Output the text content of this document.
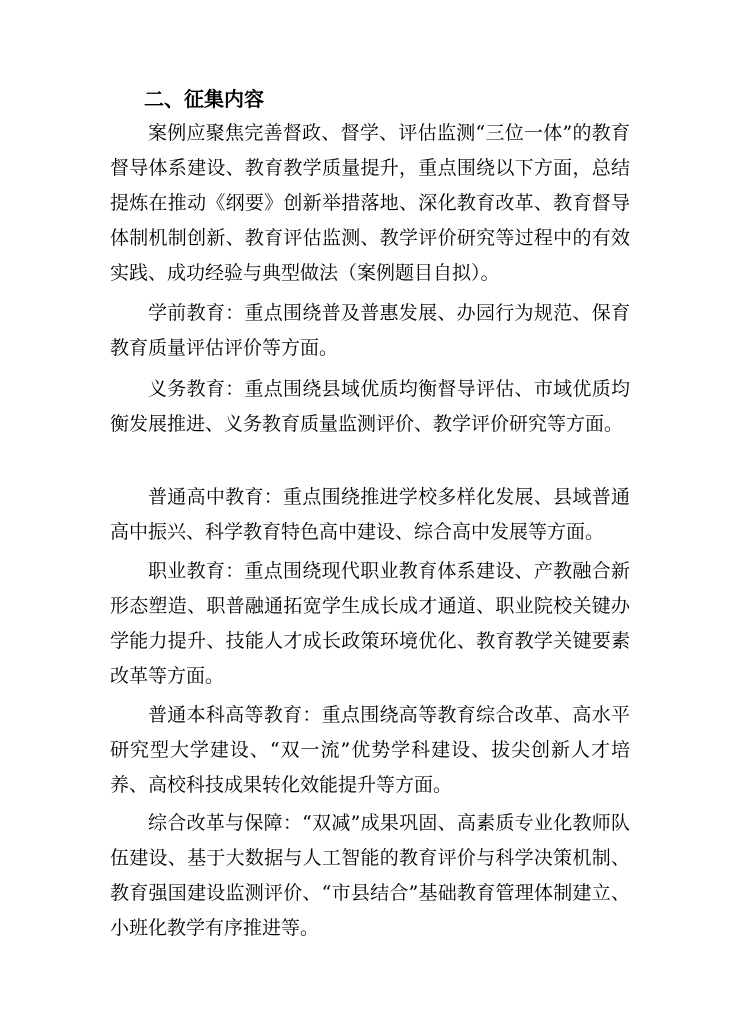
二、征集内容

案例应聚焦完善督政、督学、评估监测“三位一体”的教育督导体系建设、教育教学质量提升，重点围绕以下方面，总结提炼在推动《纲要》创新举措落地、深化教育改革、教育督导体制机制创新、教育评估监测、教学评价研究等过程中的有效实践、成功经验与典型做法（案例题目自拟）。

学前教育：重点围绕普及普惠发展、办园行为规范、保育教育质量评估评价等方面。

义务教育：重点围绕县域优质均衡督导评估、市域优质均衡发展推进、义务教育质量监测评价、教学评价研究等方面。

普通高中教育：重点围绕推进学校多样化发展、县域普通高中振兴、科学教育特色高中建设、综合高中发展等方面。

职业教育：重点围绕现代职业教育体系建设、产教融合新形态塑造、职普融通拓宽学生成长成才通道、职业院校关键办学能力提升、技能人才成长政策环境优化、教育教学关键要素改革等方面。

普通本科高等教育：重点围绕高等教育综合改革、高水平研究型大学建设、“双一流”优势学科建设、拔尖创新人才培养、高校科技成果转化效能提升等方面。

综合改革与保障：“双减”成果巩固、高素质专业化教师队伍建设、基于大数据与人工智能的教育评价与科学决策机制、教育强国建设监测评价、“市县结合”基础教育管理体制建立、小班化教学有序推进等。
